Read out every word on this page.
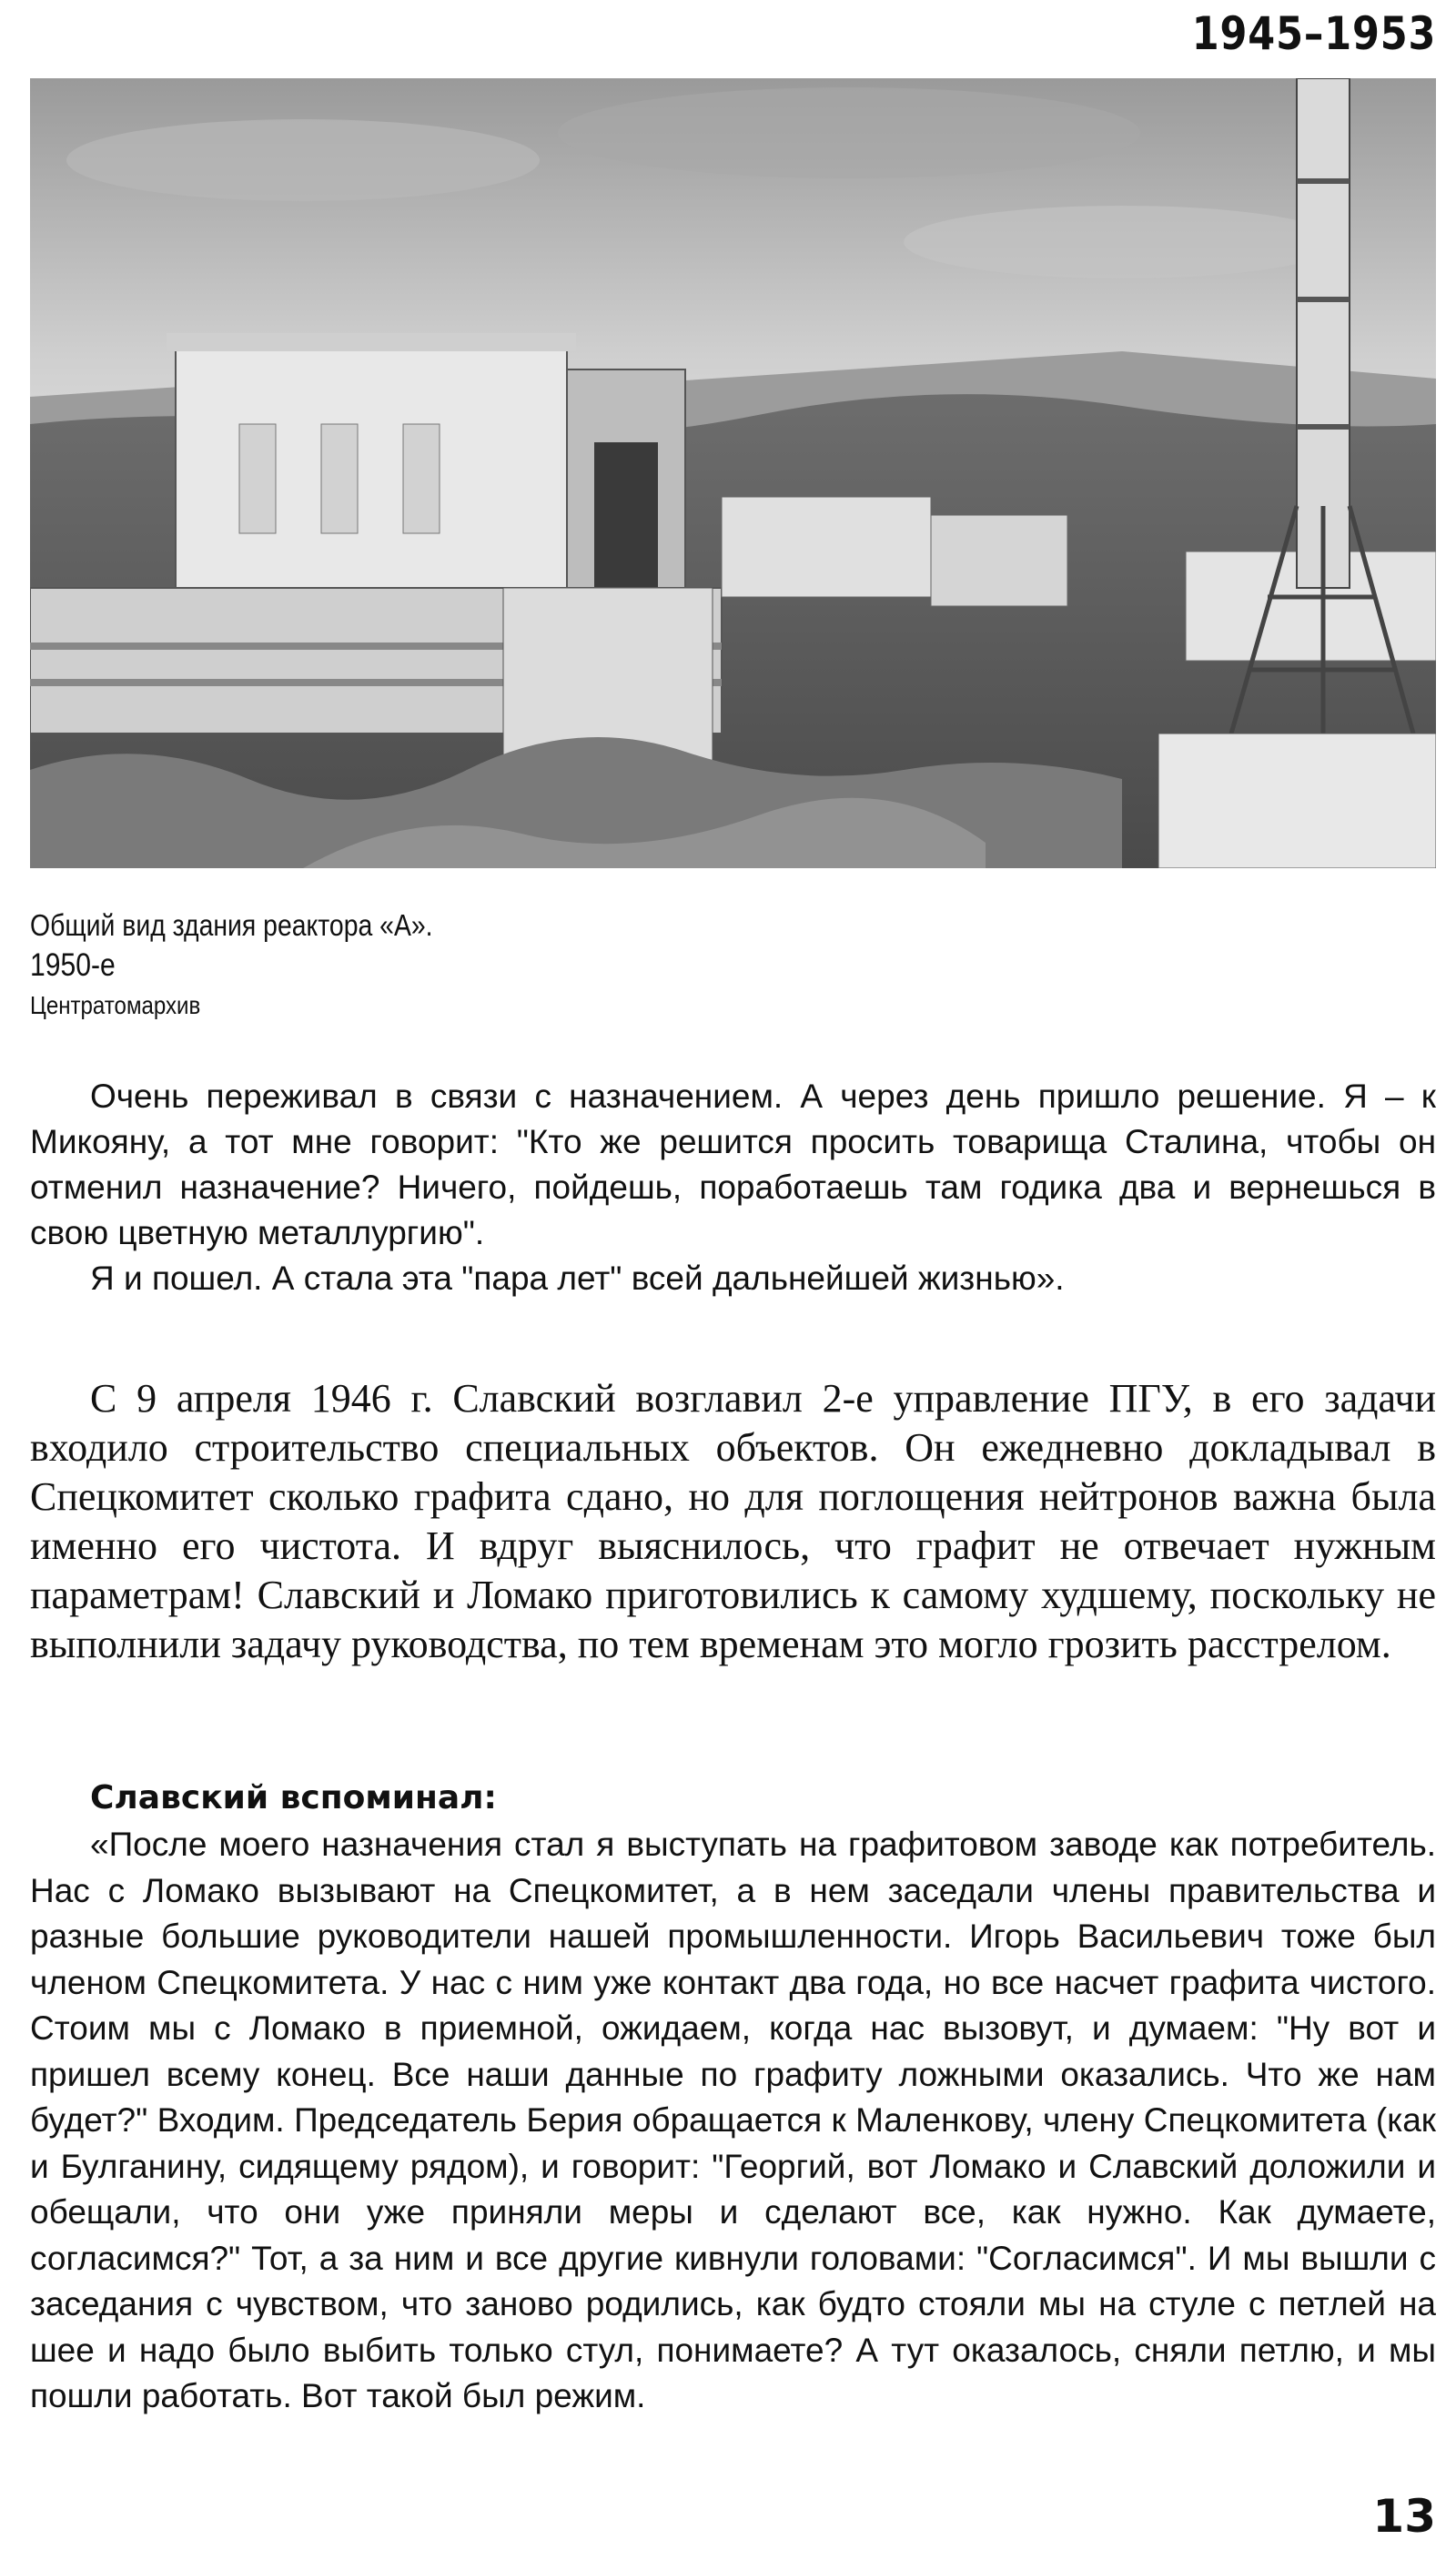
1945–1953
Общий вид здания реактора «А».
1950-е
Центратомархив

Очень переживал в связи с назначением. А через день пришло решение. Я – к Микояну, а тот мне говорит: "Кто же решится просить товарища Сталина, чтобы он отменил назначение? Ничего, пойдешь, поработаешь там годика два и вернешься в свою цветную металлургию".

Я и пошел. А стала эта "пара лет" всей дальнейшей жизнью».

С 9 апреля 1946 г. Славский возглавил 2-е управление ПГУ, в его задачи входило строительство специальных объектов. Он ежедневно докладывал в Спецкомитет сколько графита сдано, но для поглощения нейтронов важна была именно его чистота. И вдруг выяснилось, что графит не отвечает нужным параметрам! Славский и Ломако приготовились к самому худшему, поскольку не выполнили задачу руководства, по тем временам это могло грозить расстрелом.

Славский вспоминал:

«После моего назначения стал я выступать на графитовом заводе как потребитель. Нас с Ломако вызывают на Спецкомитет, а в нем заседали члены правительства и разные большие руководители нашей промышленности. Игорь Васильевич тоже был членом Спецкомитета. У нас с ним уже контакт два года, но все насчет графита чистого. Стоим мы с Ломако в приемной, ожидаем, когда нас вызовут, и думаем: "Ну вот и пришел всему конец. Все наши данные по графиту ложными оказались. Что же нам будет?" Входим. Председатель Берия обращается к Маленкову, члену Спецкомитета (как и Булганину, сидящему рядом), и говорит: "Георгий, вот Ломако и Славский доложили и обещали, что они уже приняли меры и сделают все, как нужно. Как думаете, согласимся?" Тот, а за ним и все другие кивнули головами: "Согласимся". И мы вышли с заседания с чувством, что заново родились, как будто стояли мы на стуле с петлей на шее и надо было выбить только стул, понимаете? А тут оказалось, сняли петлю, и мы пошли работать. Вот такой был режим.

13
